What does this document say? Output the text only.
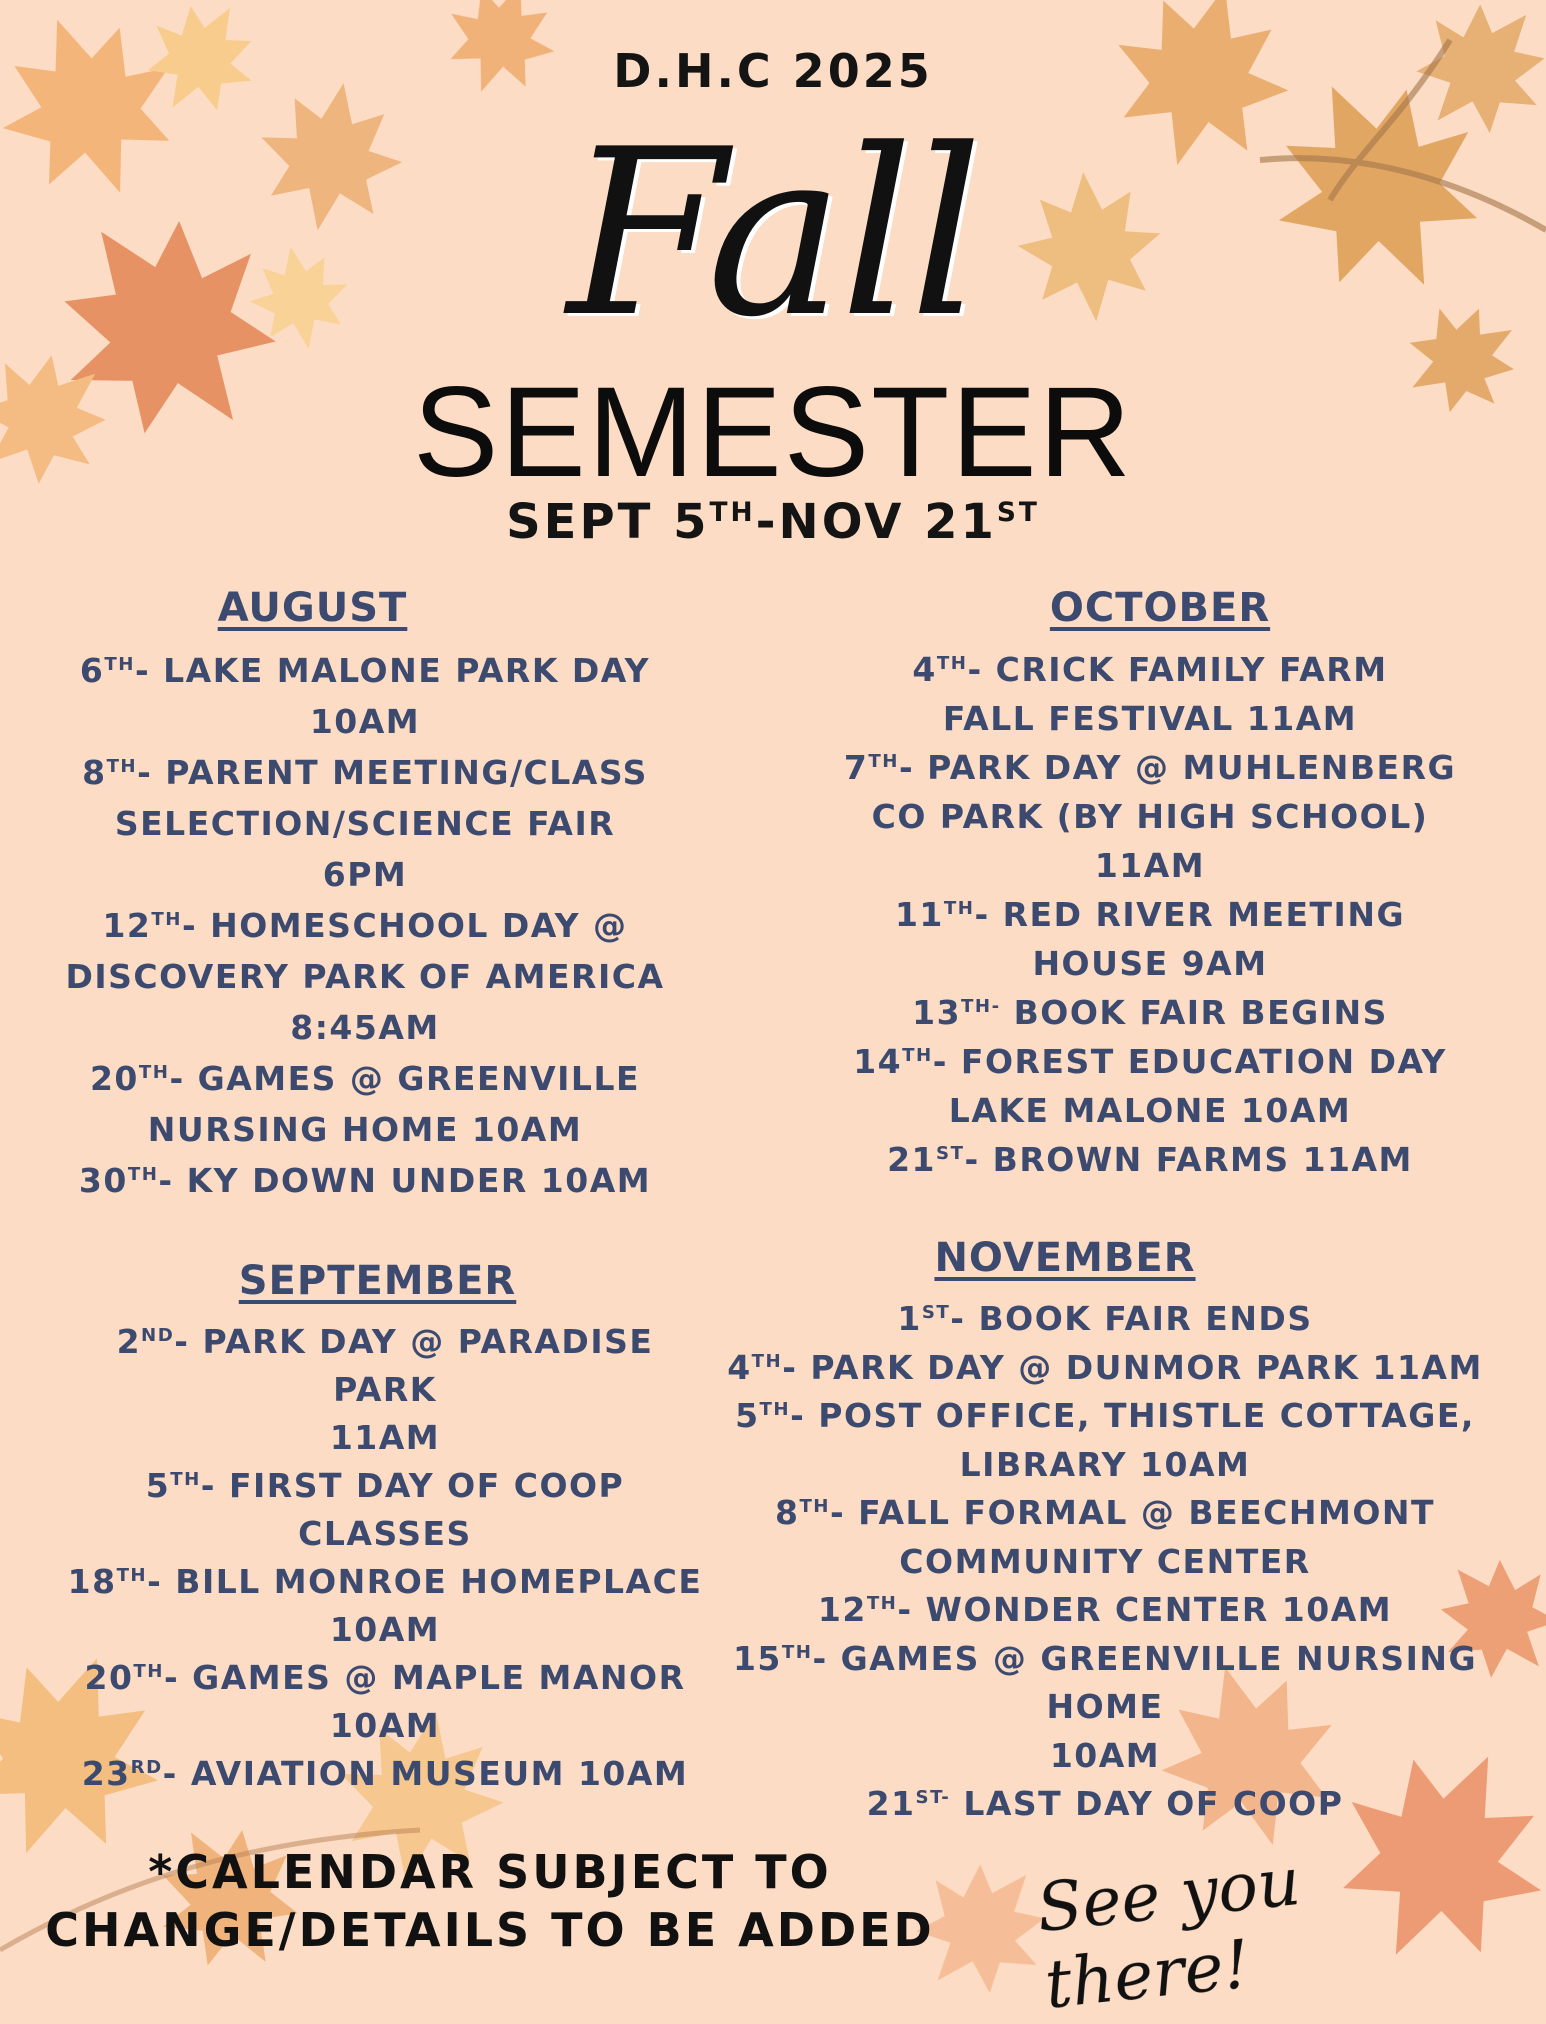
D.H.C 2025
Fall
SEMESTER
SEPT 5TH-NOV 21ST
AUGUST
6TH- LAKE MALONE PARK DAY
10AM
8TH- PARENT MEETING/CLASS
SELECTION/SCIENCE FAIR
6PM
12TH- HOMESCHOOL DAY @
DISCOVERY PARK OF AMERICA
8:45AM
20TH- GAMES @ GREENVILLE
NURSING HOME 10AM
30TH- KY DOWN UNDER 10AM
SEPTEMBER
2ND- PARK DAY @ PARADISE PARK
11AM
5TH- FIRST DAY OF COOP CLASSES
18TH- BILL MONROE HOMEPLACE
10AM
20TH- GAMES @ MAPLE MANOR
10AM
23RD- AVIATION MUSEUM 10AM
OCTOBER
4TH- CRICK FAMILY FARM
FALL FESTIVAL 11AM
7TH- PARK DAY @ MUHLENBERG
CO PARK (BY HIGH SCHOOL)
11AM
11TH- RED RIVER MEETING
HOUSE 9AM
$13^{TH-}$ BOOK FAIR BEGINS
14TH- FOREST EDUCATION DAY
LAKE MALONE 10AM
21ST- BROWN FARMS 11AM
NOVEMBER
1ST- BOOK FAIR ENDS
4TH- PARK DAY @ DUNMOR PARK 11AM
5TH- POST OFFICE, THISTLE COTTAGE,
LIBRARY 10AM
8TH- FALL FORMAL @ BEECHMONT
COMMUNITY CENTER
12TH- WONDER CENTER 10AM
15TH- GAMES @ GREENVILLE NURSING HOME
10AM
$21^{ST-}$ LAST DAY OF COOP
*CALENDAR SUBJECT TO
CHANGE/DETAILS TO BE ADDED See you there!
